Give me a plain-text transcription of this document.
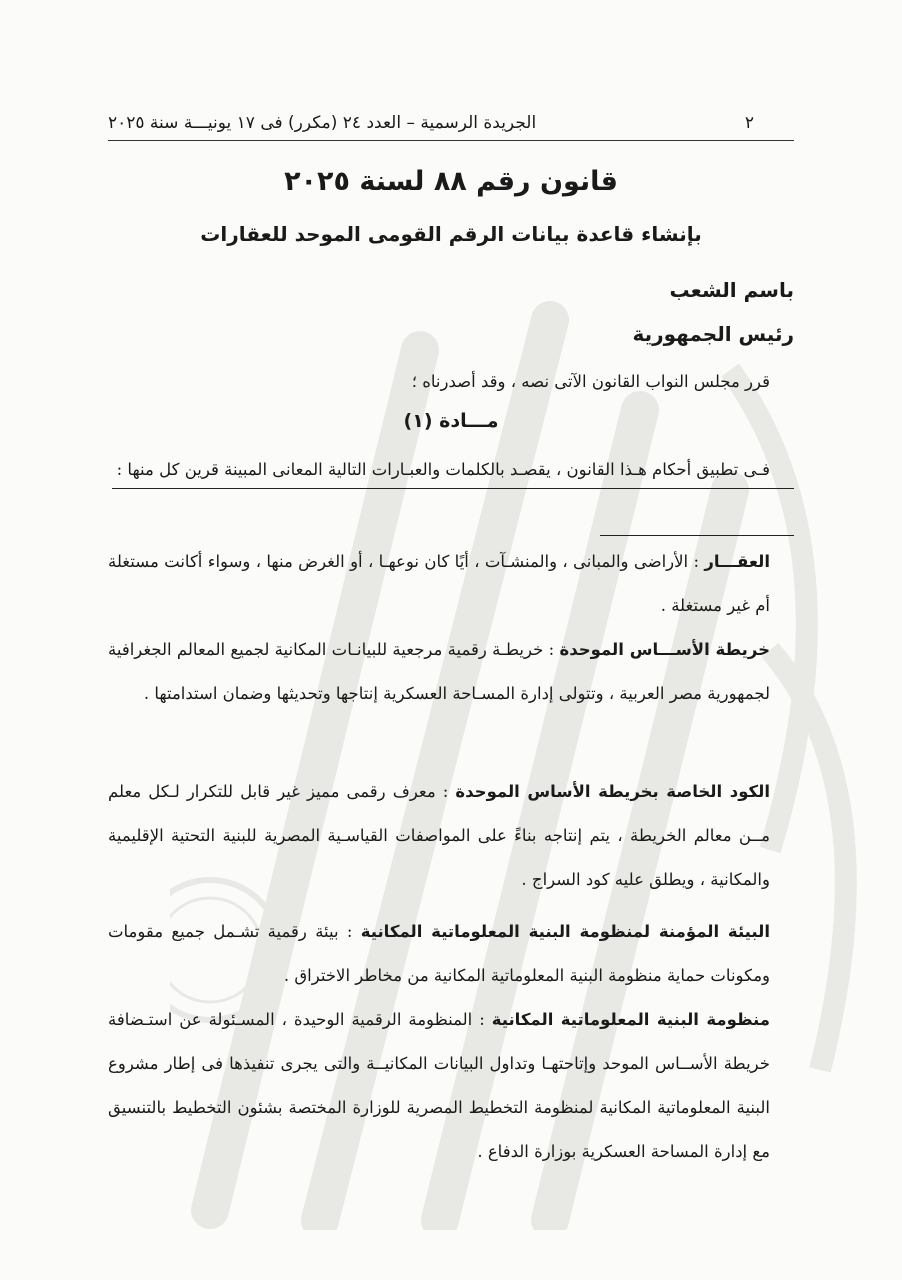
٢
الجريدة الرسمية – العدد ٢٤ (مكرر) فى ١٧ يونيـــة سنة ٢٠٢٥
قانون رقم ٨٨ لسنة ٢٠٢٥
بإنشاء قاعدة بيانات الرقم القومى الموحد للعقارات
باسم الشعب
رئيس الجمهورية
قرر مجلس النواب القانون الآتى نصه ، وقد أصدرناه ؛
مـــادة (١)
فـى تطبيق أحكام هـذا القانون ، يقصـد بالكلمات والعبـارات التالية المعانى المبينة قرين كل منها :
العقـــار : الأراضى والمبانى ، والمنشـآت ، أيًا كان نوعهـا ، أو الغرض منها ، وسواء أكانت مستغلة أم غير مستغلة .
خريطة الأســـاس الموحدة : خريطـة رقمية مرجعية للبيانـات المكانية لجميع المعالم الجغرافية لجمهورية مصر العربية ، وتتولى إدارة المسـاحة العسكرية إنتاجها وتحديثها وضمان استدامتها .
الكود الخاصة بخريطة الأساس الموحدة : معرف رقمى مميز غير قابل للتكرار لـكل معلم مــن معالم الخريطة ، يتم إنتاجه بناءً على المواصفات القياسـية المصرية للبنية التحتية الإقليمية والمكانية ، ويطلق عليه كود السراج .
البيئة المؤمنة لمنظومة البنية المعلوماتية المكانية : بيئة رقمية تشـمل جميع مقومات ومكونات حماية منظومة البنية المعلوماتية المكانية من مخاطر الاختراق .
منظومة البنية المعلوماتية المكانية : المنظومة الرقمية الوحيدة ، المسـئولة عن استـضافة خريطة الأســاس الموحد وإتاحتهـا وتداول البيانات المكانيــة والتى يجرى تنفيذها فى إطار مشروع البنية المعلوماتية المكانية لمنظومة التخطيط المصرية للوزارة المختصة بشئون التخطيط بالتنسيق مع إدارة المساحة العسكرية بوزارة الدفاع .
